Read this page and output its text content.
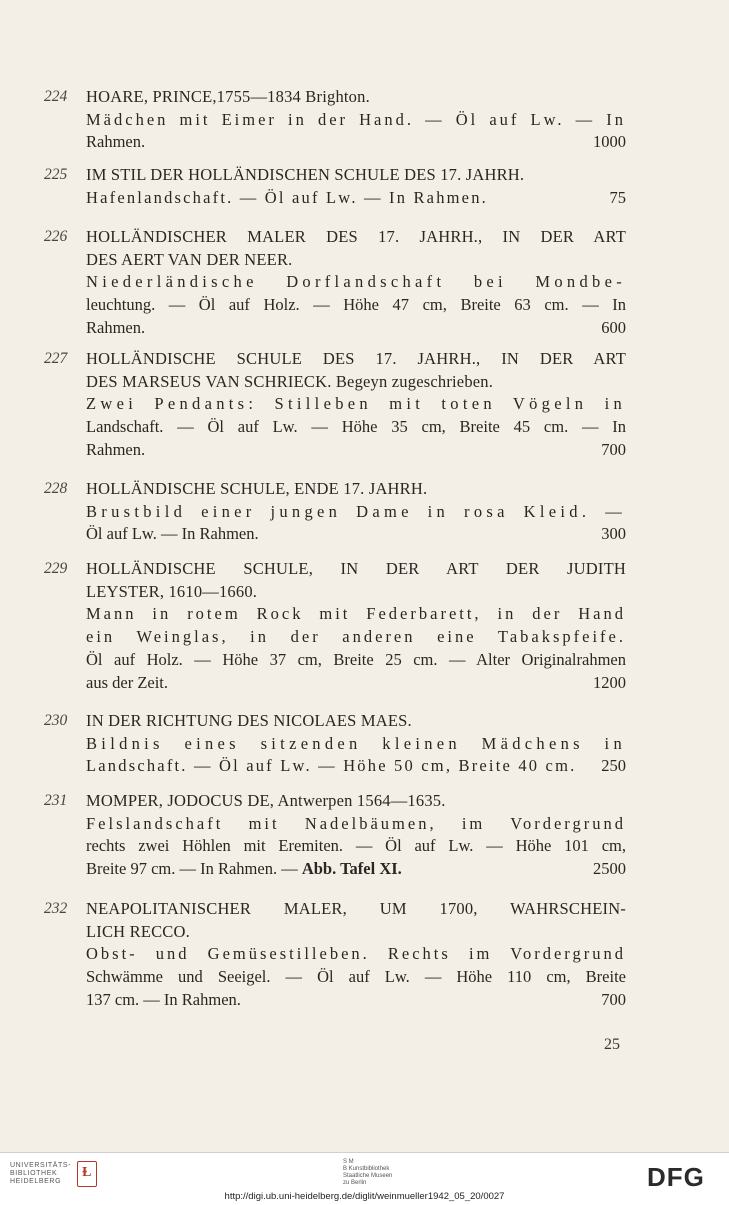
224 HOARE, PRINCE,1755—1834 Brighton.
Mädchen mit Eimer in der Hand. — Öl auf Lw. — In
Rahmen.	1000
225 IM STIL DER HOLLÄNDISCHEN SCHULE DES 17. JAHRH.
Hafenlandschaft. — Öl auf Lw. — In Rahmen.	75
226 HOLLÄNDISCHER MALER DES 17. JAHRH., IN DER ART
DES AERT VAN DER NEER.
Niederländische Dorflandschaft bei Mondbe-
leuchtung. — Öl auf Holz. — Höhe 47 cm, Breite 63 cm. — In
Rahmen.	600
227 HOLLÄNDISCHE SCHULE DES 17. JAHRH., IN DER ART
DES MARSEUS VAN SCHRIECK. Begeyn zugeschrieben.
Zwei Pendants: Stilleben mit toten Vögeln in
Landschaft. — Öl auf Lw. — Höhe 35 cm, Breite 45 cm. — In
Rahmen.	700
228 HOLLÄNDISCHE SCHULE, ENDE 17. JAHRH.
Brustbild einer jungen Dame in rosa Kleid. —
Öl auf Lw. — In Rahmen.	300
229 HOLLÄNDISCHE SCHULE, IN DER ART DER JUDITH
LEYSTER, 1610—1660.
Mann in rotem Rock mit Federbarett, in der Hand
ein Weinglas, in der anderen eine Tabakspfeife.
Öl auf Holz. — Höhe 37 cm, Breite 25 cm. — Alter Originalrahmen
aus der Zeit.	1200
230 IN DER RICHTUNG DES NICOLAES MAES.
Bildnis eines sitzenden kleinen Mädchens in
Landschaft. — Öl auf Lw. — Höhe 50 cm, Breite 40 cm. 250
231 MOMPER, JODOCUS DE, Antwerpen 1564—1635.
Felslandschaft mit Nadelbäumen, im Vordergrund
rechts zwei Höhlen mit Eremiten. — Öl auf Lw. — Höhe 101 cm,
Breite 97 cm. — In Rahmen. — Abb. Tafel XI.	2500
232 NEAPOLITANISCHER MALER, UM 1700, WAHRSCHEIN-
LICH RECCO.
Obst- und Gemüsestilleben. Rechts im Vordergrund
Schwämme und Seeigel. — Öl auf Lw. — Höhe 110 cm, Breite
137 cm. — In Rahmen.	700
25
UNIVERSITÄTS-
BIBLIOTHEK
HEIDELBERG
Ɫ
S M
B Kunstbibliothek
Staatliche Museen
zu Berlin	DFG
http://digi.ub.uni-heidelberg.de/diglit/weinmueller1942_05_20/0027
